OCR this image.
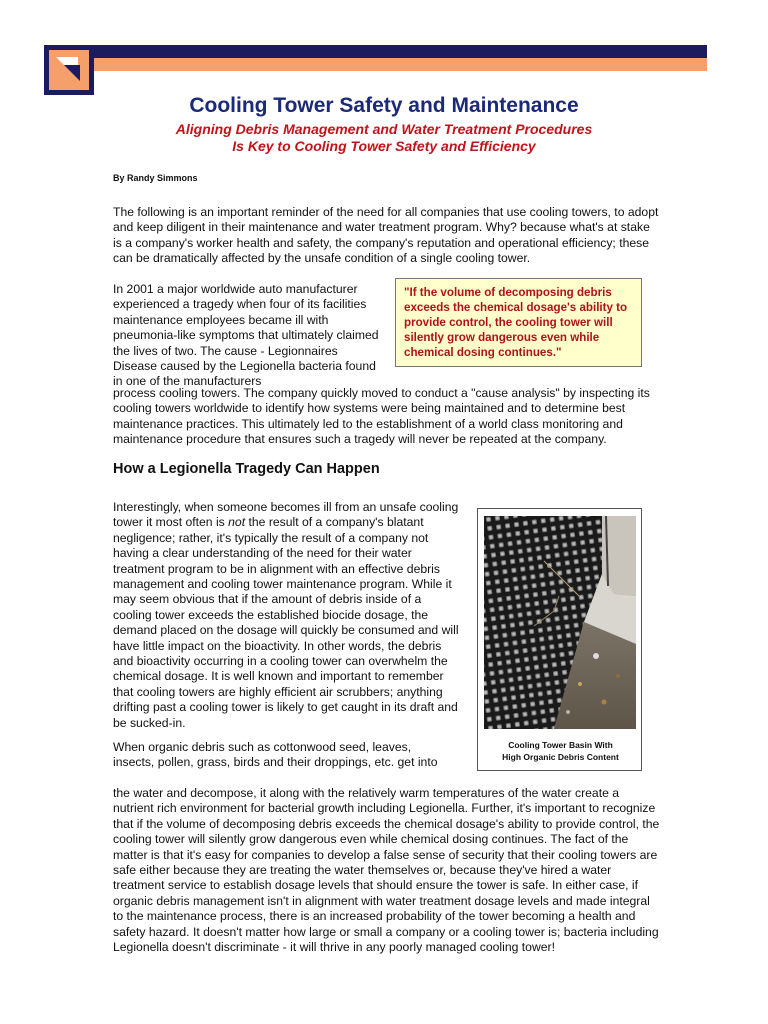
Cooling Tower Safety and Maintenance
Aligning Debris Management and Water Treatment Procedures
Is Key to Cooling Tower Safety and Efficiency
By Randy Simmons

The following is an important reminder of the need for all companies that use cooling towers, to adopt and keep diligent in their maintenance and water treatment program. Why? because what's at stake is a company's worker health and safety, the company's reputation and operational efficiency; these can be dramatically affected by the unsafe condition of a single cooling tower.

In 2001 a major worldwide auto manufacturer experienced a tragedy when four of its facilities maintenance employees became ill with pneumonia-like symptoms that ultimately claimed the lives of two. The cause - Legionnaires Disease caused by the Legionella bacteria found in one of the manufacturers

"If the volume of decomposing debris exceeds the chemical dosage's ability to provide control, the cooling tower will silently grow dangerous even while chemical dosing continues."

process cooling towers. The company quickly moved to conduct a "cause analysis" by inspecting its cooling towers worldwide to identify how systems were being maintained and to determine best maintenance practices. This ultimately led to the establishment of a world class monitoring and maintenance procedure that ensures such a tragedy will never be repeated at the company.

How a Legionella Tragedy Can Happen

Interestingly, when someone becomes ill from an unsafe cooling tower it most often is not the result of a company's blatant negligence; rather, it's typically the result of a company not having a clear understanding of the need for their water treatment program to be in alignment with an effective debris management and cooling tower maintenance program. While it may seem obvious that if the amount of debris inside of a cooling tower exceeds the established biocide dosage, the demand placed on the dosage will quickly be consumed and will have little impact on the bioactivity. In other words, the debris and bioactivity occurring in a cooling tower can overwhelm the chemical dosage. It is well known and important to remember that cooling towers are highly efficient air scrubbers; anything drifting past a cooling tower is likely to get caught in its draft and be sucked-in.

Cooling Tower Basin With
High Organic Debris Content

When organic debris such as cottonwood seed, leaves, insects, pollen, grass, birds and their droppings, etc. get into

the water and decompose, it along with the relatively warm temperatures of the water create a nutrient rich environment for bacterial growth including Legionella. Further, it's important to recognize that if the volume of decomposing debris exceeds the chemical dosage's ability to provide control, the cooling tower will silently grow dangerous even while chemical dosing continues. The fact of the matter is that it's easy for companies to develop a false sense of security that their cooling towers are safe either because they are treating the water themselves or, because they've hired a water treatment service to establish dosage levels that should ensure the tower is safe. In either case, if organic debris management isn't in alignment with water treatment dosage levels and made integral to the maintenance process, there is an increased probability of the tower becoming a health and safety hazard. It doesn't matter how large or small a company or a cooling tower is; bacteria including Legionella doesn't discriminate - it will thrive in any poorly managed cooling tower!
